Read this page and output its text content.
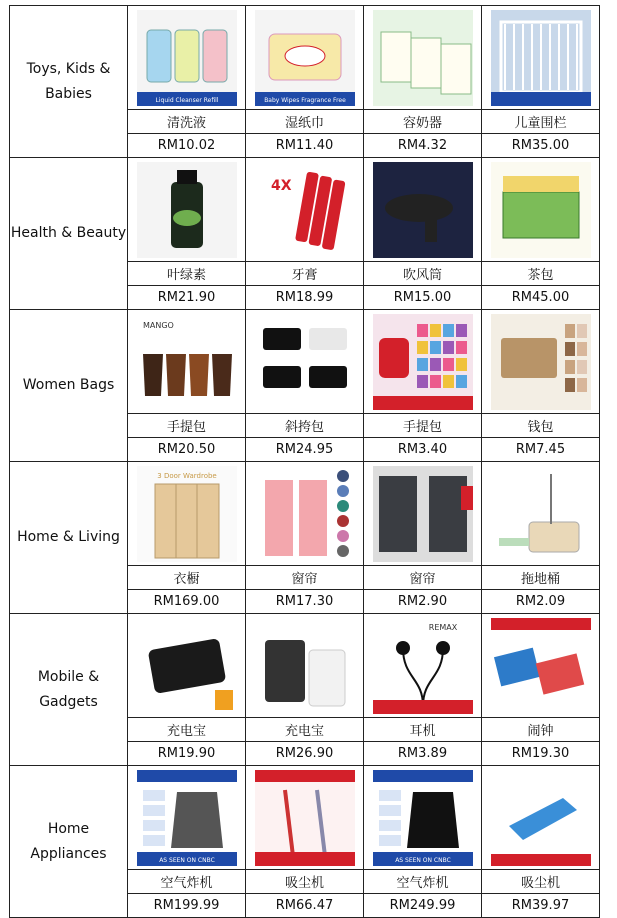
Toys, Kids & Babies	Liquid Cleanser Refill	Baby Wipes Fragrance Free

	清洗液	湿纸巾	容奶器	儿童围栏
	RM10.02	RM11.40	RM4.32	RM35.00
Health & Beauty		4X

	叶绿素	牙膏	吹风筒	茶包
	RM21.90	RM18.99	RM15.00	RM45.00
Women Bags	MANGO

	手提包	斜挎包	手提包	钱包
	RM20.50	RM24.95	RM3.40	RM7.45
Home & Living	3 Door Wardrobe

	衣橱	窗帘	窗帘	拖地桶
	RM169.00	RM17.30	RM2.90	RM2.09
Mobile & Gadgets			REMAX

	充电宝	充电宝	耳机	闹钟
	RM19.90	RM26.90	RM3.89	RM19.30
Home Appliances	AS SEEN ON CNBC		AS SEEN ON CNBC

	空气炸机	吸尘机	空气炸机	吸尘机
	RM199.99	RM66.47	RM249.99	RM39.97
